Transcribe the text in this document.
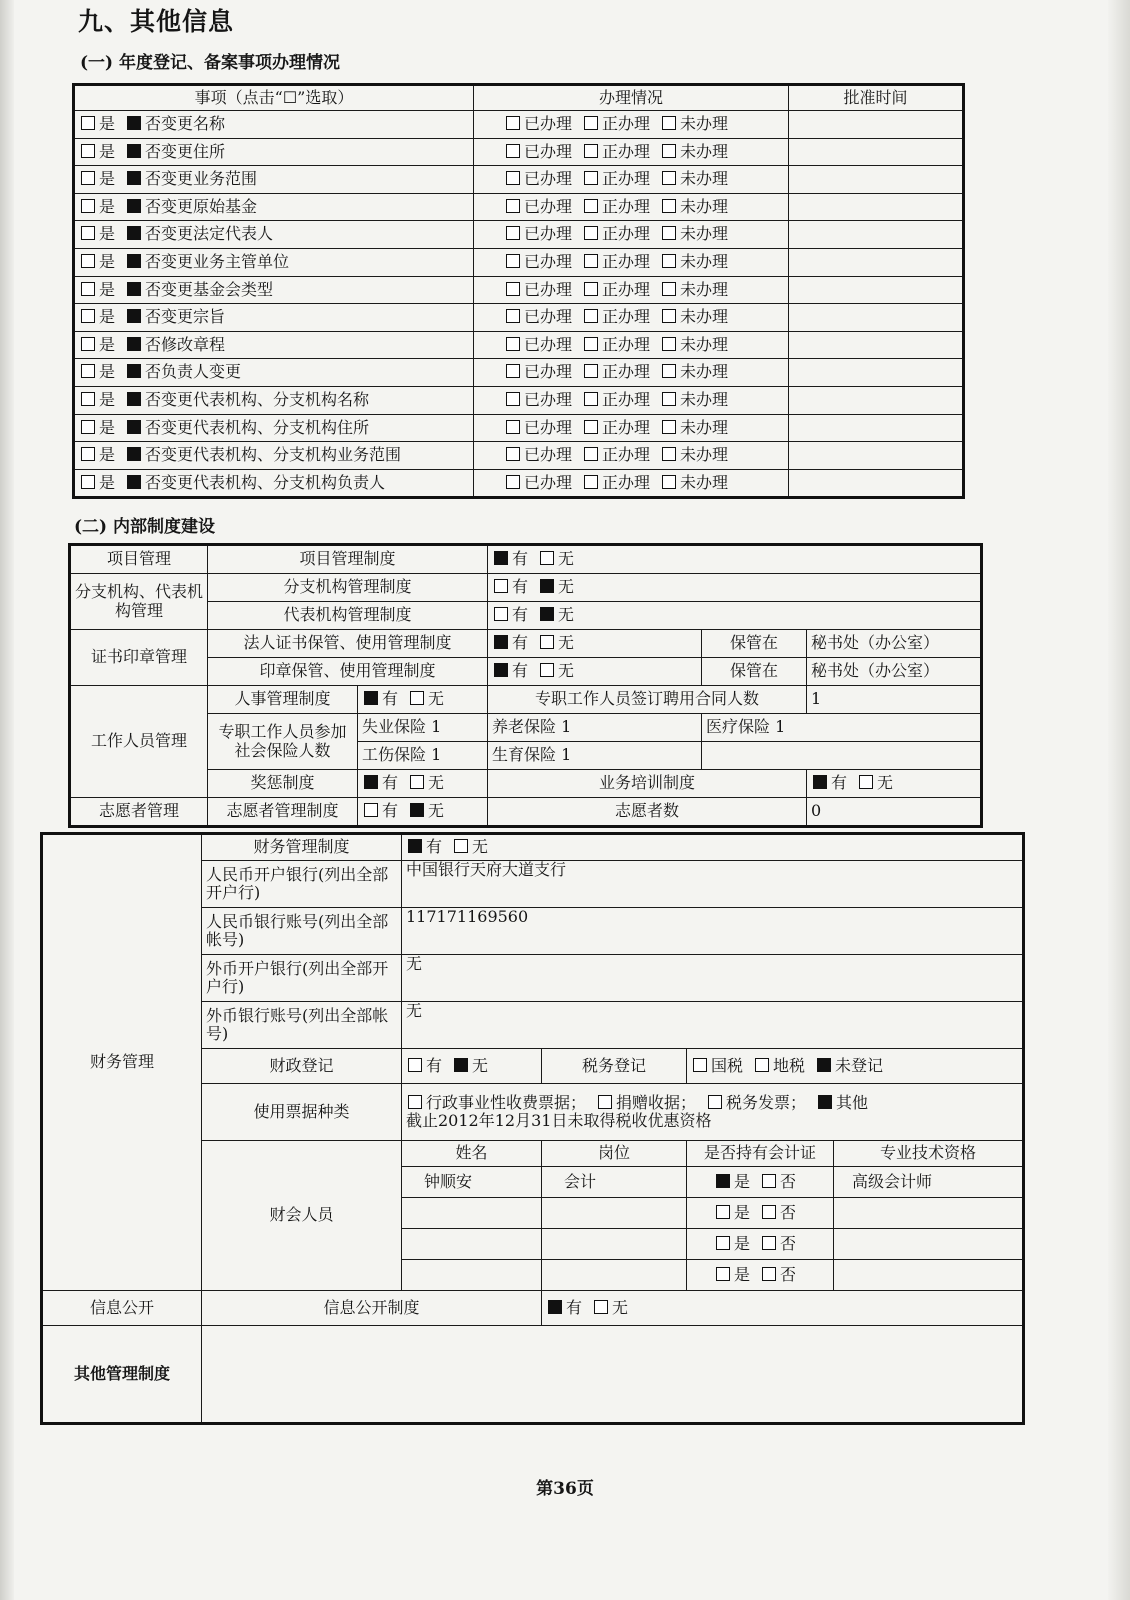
九、其他信息
(一) 年度登记、备案事项办理情况
事项（点击“☐”选取）	办理情况	批准时间
是 否变更名称	已办理 正办理 未办理	
是 否变更住所	已办理 正办理 未办理	
是 否变更业务范围	已办理 正办理 未办理	
是 否变更原始基金	已办理 正办理 未办理	
是 否变更法定代表人	已办理 正办理 未办理	
是 否变更业务主管单位	已办理 正办理 未办理	
是 否变更基金会类型	已办理 正办理 未办理	
是 否变更宗旨	已办理 正办理 未办理	
是 否修改章程	已办理 正办理 未办理	
是 否负责人变更	已办理 正办理 未办理	
是 否变更代表机构、分支机构名称	已办理 正办理 未办理	
是 否变更代表机构、分支机构住所	已办理 正办理 未办理	
是 否变更代表机构、分支机构业务范围	已办理 正办理 未办理	
是 否变更代表机构、分支机构负责人	已办理 正办理 未办理	
(二) 内部制度建设
项目管理	项目管理制度		有 无		
分支机构、代表机构管理	分支机构管理制度		有 无		
	代表机构管理制度		有 无		
证书印章管理	法人证书保管、使用管理制度		有 无	保管在	秘书处（办公室）
	印章保管、使用管理制度		有 无	保管在	秘书处（办公室）
工作人员管理	人事管理制度	有 无	专职工作人员签订聘用合同人数		1
	专职工作人员参加社会保险人数	失业保险 1	养老保险 1	医疗保险 1	
		工伤保险 1	生育保险 1		
	奖惩制度	有 无	业务培训制度		有 无
志愿者管理	志愿者管理制度	有 无	志愿者数		0
财务管理	财务管理制度	有 无			
	人民币开户银行(列出全部开户行)	中国银行天府大道支行			
	人民币银行账号(列出全部帐号)	117171169560			
	外币开户银行(列出全部开户行)	无			
	外币银行账号(列出全部帐号)	无			
	财政登记	有 无	税务登记	国税 地税 未登记	
	使用票据种类	行政事业性收费票据； 捐赠收据； 税务发票； 其他
截止2012年12月31日未取得税收优惠资格			

	财会人员	姓名	岗位	是否持有会计证	专业技术资格
		钟顺安	会计	是 否	高级会计师
				是 否	
				是 否	
				是 否	
信息公开	信息公开制度		有 无		
其他管理制度					
第36页
